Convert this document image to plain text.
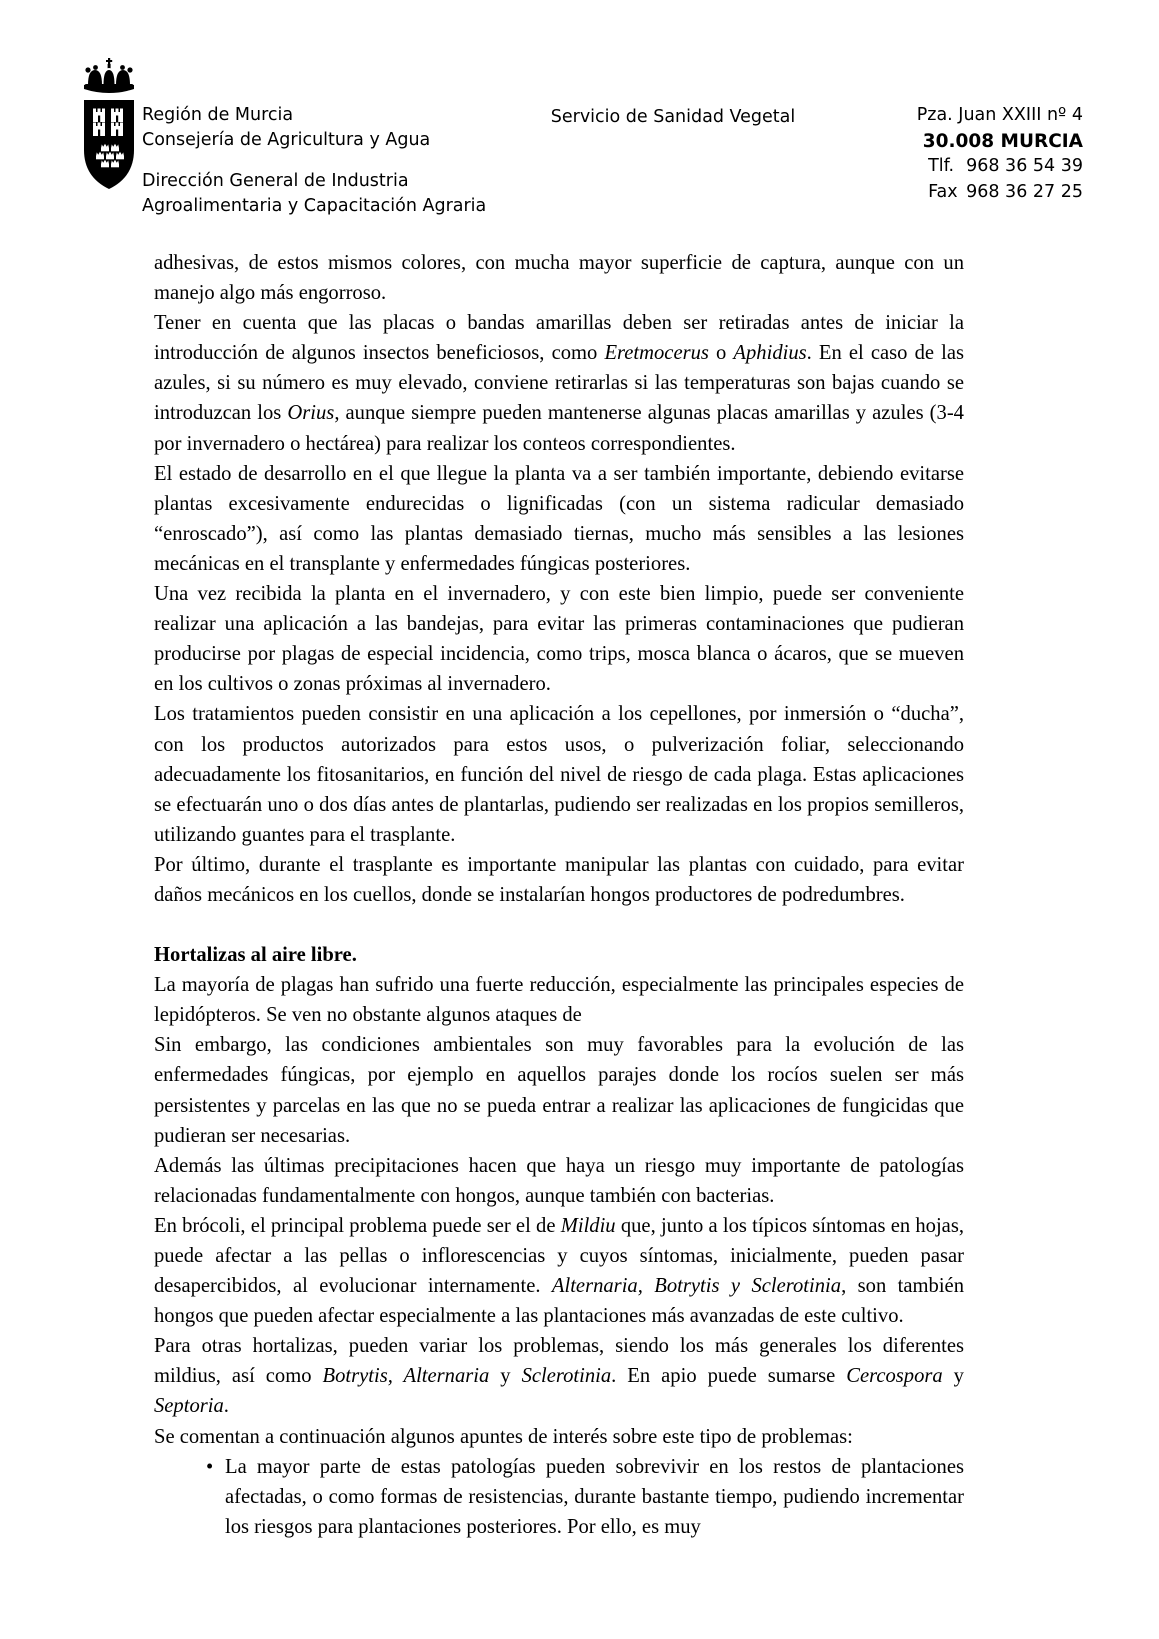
Región de Murcia
Consejería de Agricultura y Agua
Dirección General de Industria
Agroalimentaria y Capacitación Agraria
Servicio de Sanidad Vegetal	Pza. Juan XXIII nº 4
30.008 MURCIA
Tlf. 968 36 54 39
Fax 968 36 27 25

adhesivas, de estos mismos colores, con mucha mayor superficie de captura, aunque con un manejo algo más engorroso.

Tener en cuenta que las placas o bandas amarillas deben ser retiradas antes de iniciar la introducción de algunos insectos beneficiosos, como Eretmocerus o Aphidius. En el caso de las azules, si su número es muy elevado, conviene retirarlas si las temperaturas son bajas cuando se introduzcan los Orius, aunque siempre pueden mantenerse algunas placas amarillas y azules (3-4 por invernadero o hectárea) para realizar los conteos correspondientes.

El estado de desarrollo en el que llegue la planta va a ser también importante, debiendo evitarse plantas excesivamente endurecidas o lignificadas (con un sistema radicular demasiado “enroscado”), así como las plantas demasiado tiernas, mucho más sensibles a las lesiones mecánicas en el transplante y enfermedades fúngicas posteriores.

Una vez recibida la planta en el invernadero, y con este bien limpio, puede ser conveniente realizar una aplicación a las bandejas, para evitar las primeras contaminaciones que pudieran producirse por plagas de especial incidencia, como trips, mosca blanca o ácaros, que se mueven en los cultivos o zonas próximas al invernadero.

Los tratamientos pueden consistir en una aplicación a los cepellones, por inmersión o “ducha”, con los productos autorizados para estos usos, o pulverización foliar, seleccionando adecuadamente los fitosanitarios, en función del nivel de riesgo de cada plaga. Estas aplicaciones se efectuarán uno o dos días antes de plantarlas, pudiendo ser realizadas en los propios semilleros, utilizando guantes para el trasplante.

Por último, durante el trasplante es importante manipular las plantas con cuidado, para evitar daños mecánicos en los cuellos, donde se instalarían hongos productores de podredumbres.

Hortalizas al aire libre.

La mayoría de plagas han sufrido una fuerte reducción, especialmente las principales especies de lepidópteros. Se ven no obstante algunos ataques de

Sin embargo, las condiciones ambientales son muy favorables para la evolución de las enfermedades fúngicas, por ejemplo en aquellos parajes donde los rocíos suelen ser más persistentes y parcelas en las que no se pueda entrar a realizar las aplicaciones de fungicidas que pudieran ser necesarias.

Además las últimas precipitaciones hacen que haya un riesgo muy importante de patologías relacionadas fundamentalmente con hongos, aunque también con bacterias.

En brócoli, el principal problema puede ser el de Mildiu que, junto a los típicos síntomas en hojas, puede afectar a las pellas o inflorescencias y cuyos síntomas, inicialmente, pueden pasar desapercibidos, al evolucionar internamente. Alternaria, Botrytis y Sclerotinia, son también hongos que pueden afectar especialmente a las plantaciones más avanzadas de este cultivo.

Para otras hortalizas, pueden variar los problemas, siendo los más generales los diferentes mildius, así como Botrytis, Alternaria y Sclerotinia. En apio puede sumarse Cercospora y Septoria.

Se comentan a continuación algunos apuntes de interés sobre este tipo de problemas:

• La mayor parte de estas patologías pueden sobrevivir en los restos de plantaciones afectadas, o como formas de resistencias, durante bastante tiempo, pudiendo incrementar los riesgos para plantaciones posteriores. Por ello, es muy
